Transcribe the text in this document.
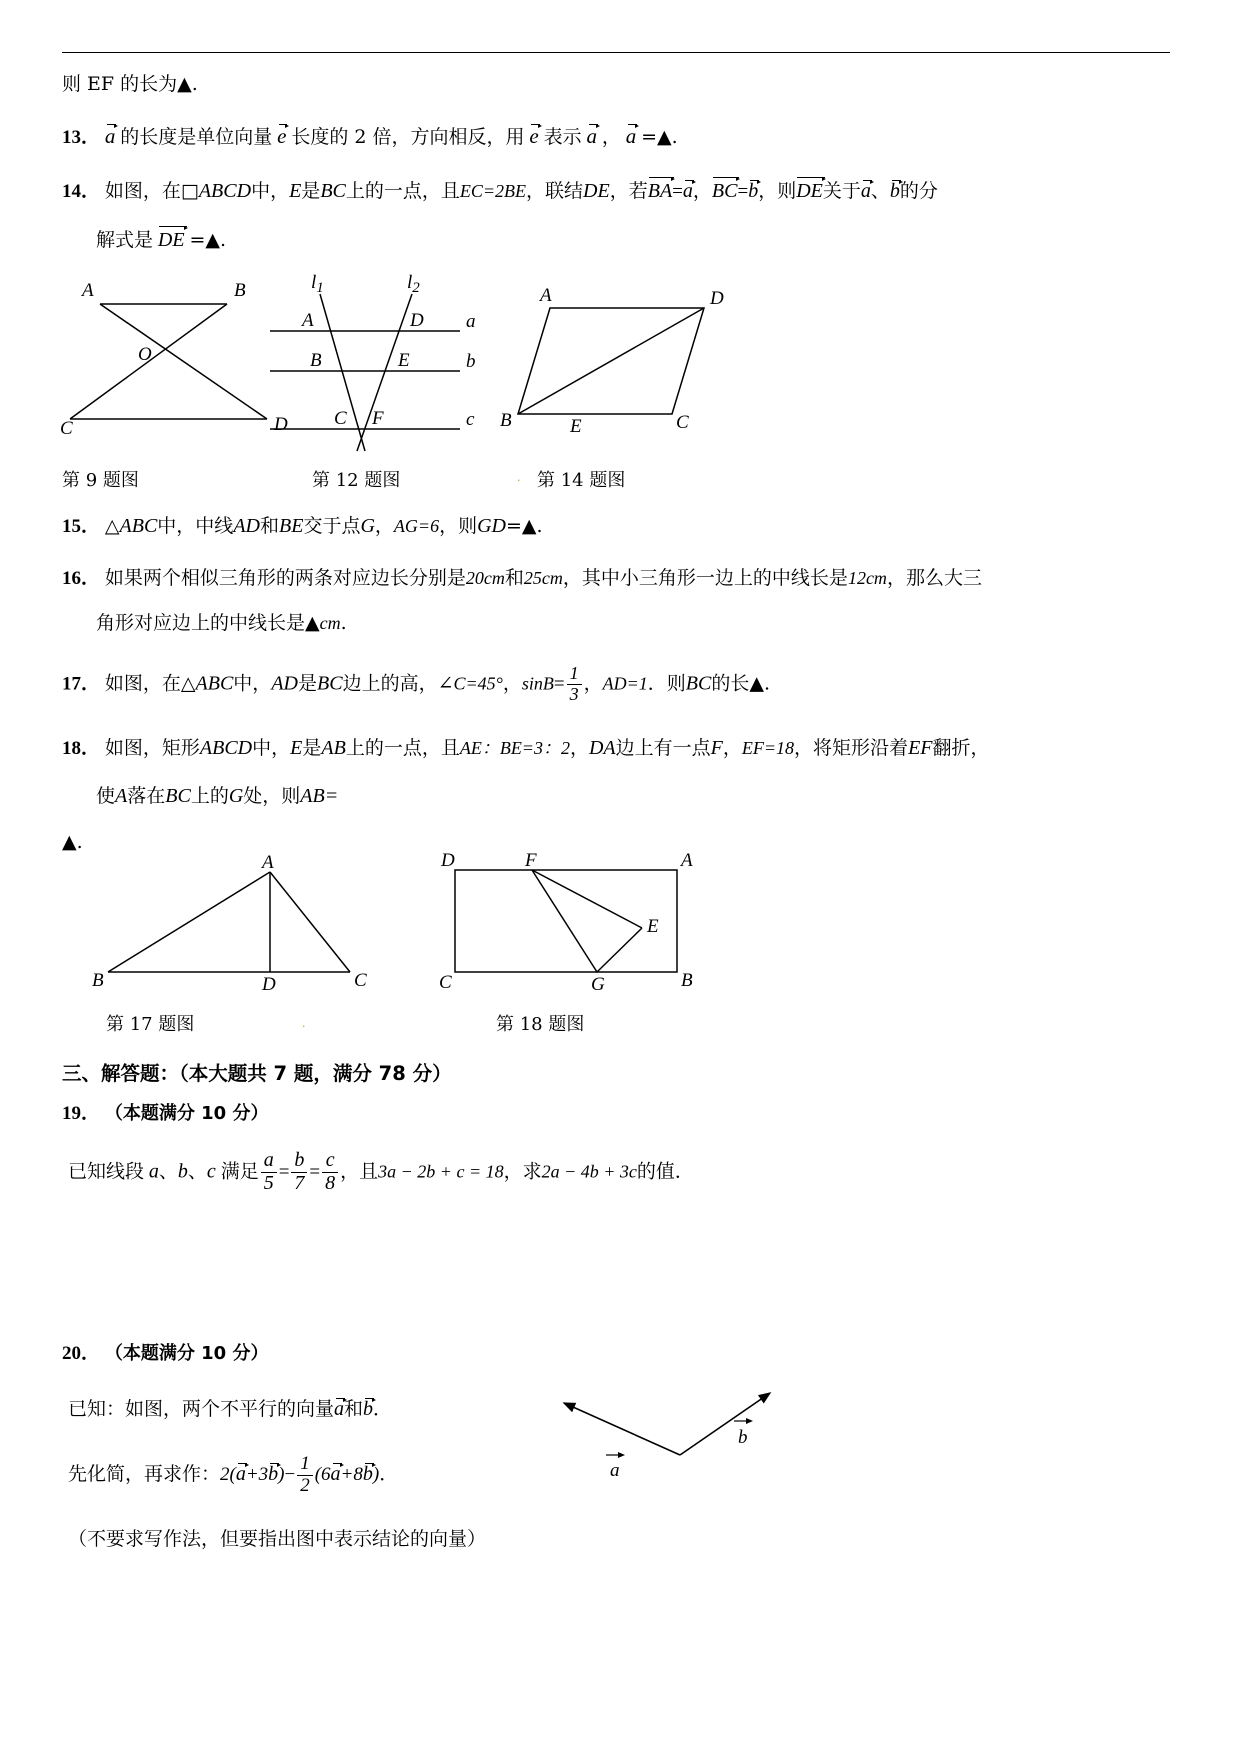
则 EF 的长为▲.
13． a 的长度是单位向量 e 长度的 2 倍，方向相反，用 e 表示 a ， a =▲.
14． 如图，在□ABCD中，E是BC上的一点，且EC=2BE，联结DE，若BA=a，BC=b，则DE关于a、b的分
解式是 DE =▲.
A	B
O
C	D
$l_1$	$l_2$
A
B
C
D
E
F
a
b
c
A	D
B	E	C
第 9 题图	第 12 题图	第 14 题图
·
15． △ABC中，中线AD和BE交于点G，AG=6，则GD=▲.
16． 如果两个相似三角形的两条对应边长分别是20cm和25cm，其中小三角形一边上的中线长是12cm，那么大三
角形对应边上的中线长是▲cm.
17． 如图，在△ABC中，AD是BC边上的高，∠C=45°，$\sin B= \frac{1}{3}$ ，AD=1．则BC的长▲.
18． 如图，矩形ABCD中，E是AB上的一点，且AE：BE=3：2，DA边上有一点F，EF=18，将矩形沿着EF翻折，
使A落在BC上的G处，则AB=
▲.
A
B	D	C
D	F	A
E
C	G	B
第 17 题图	第 18 题图
·
三、解答题：（本大题共 7 题，满分 78 分）
19． （本题满分 10 分）
已知线段 a、b、c 满足 $\frac{a}{5} = \frac{b}{7} = \frac{c}{8}$ ，且3a − 2b + c = 18，求2a − 4b + 3c的值．
20． （本题满分 10 分）
已知：如图，两个不平行的向量a和b．
先化简，再求作：$2(a+3b)- \frac{1}{2} (6a+8b)$．
（不要求写作法，但要指出图中表示结论的向量）
a
b
